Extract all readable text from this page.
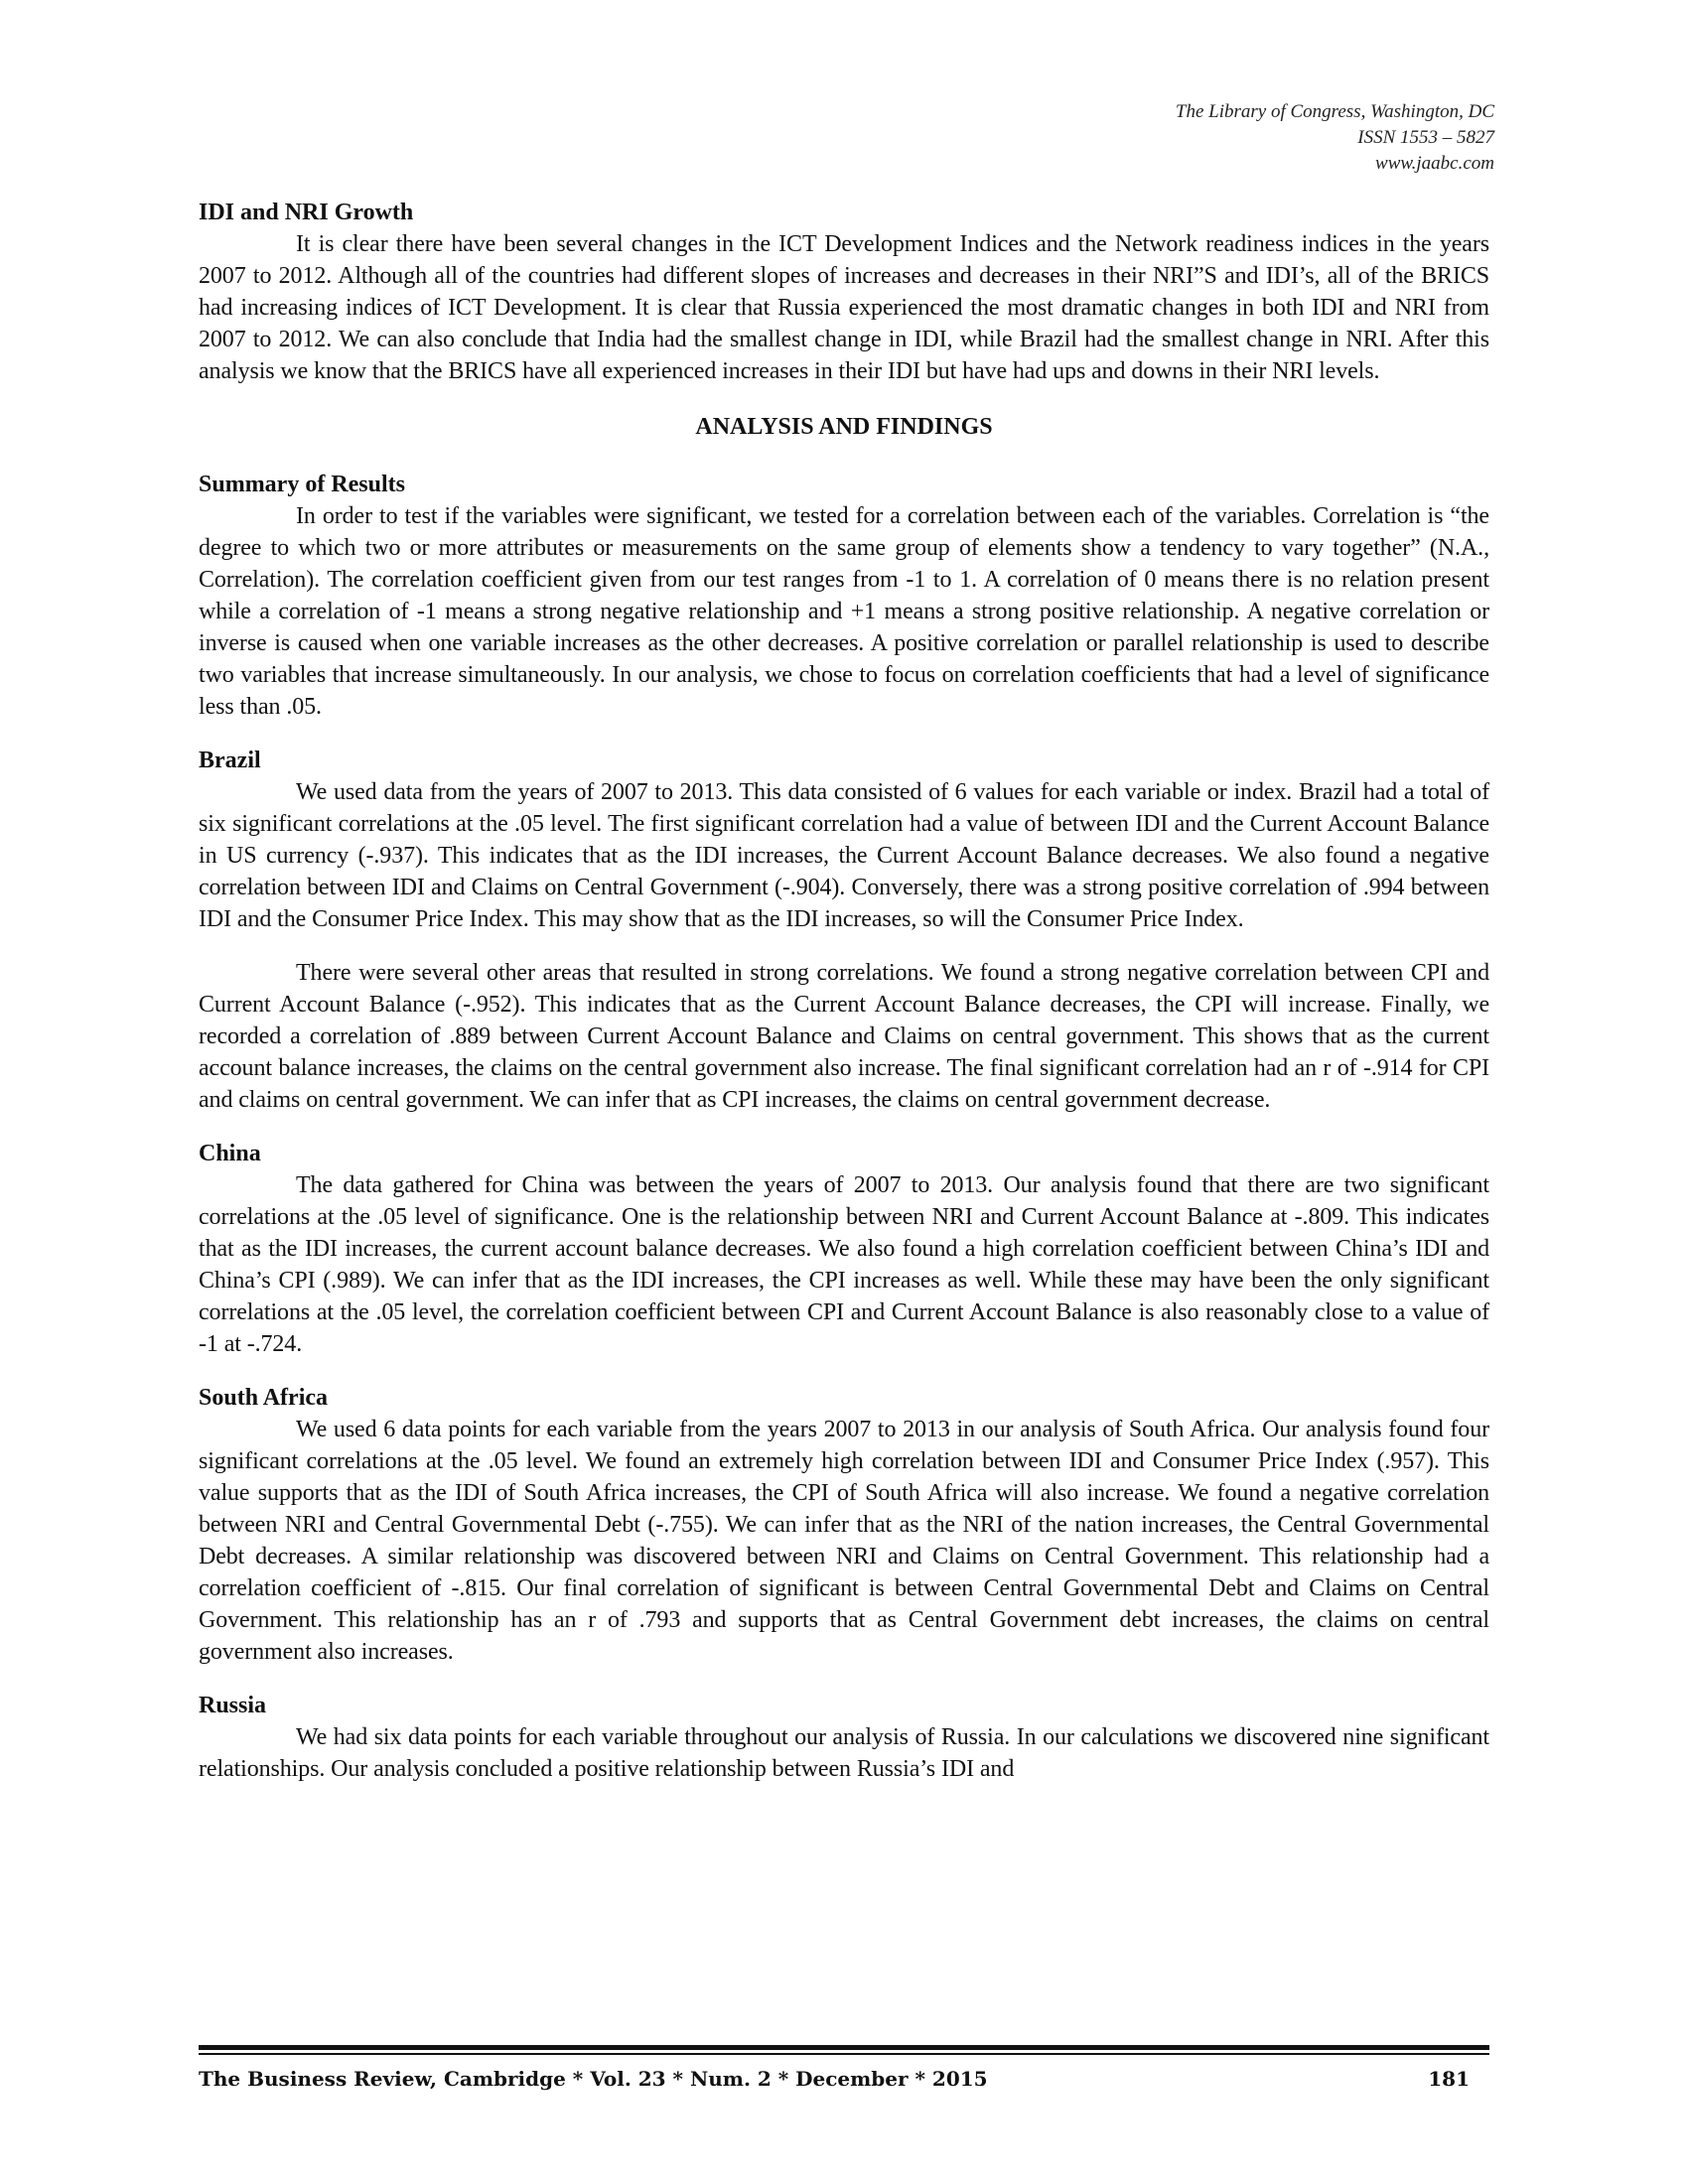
The Library of Congress, Washington, DC
ISSN 1553 – 5827
www.jaabc.com
IDI and NRI Growth

It is clear there have been several changes in the ICT Development Indices and the Network readiness indices in the years 2007 to 2012. Although all of the countries had different slopes of increases and decreases in their NRI”S and IDI’s, all of the BRICS had increasing indices of ICT Development. It is clear that Russia experienced the most dramatic changes in both IDI and NRI from 2007 to 2012. We can also conclude that India had the smallest change in IDI, while Brazil had the smallest change in NRI. After this analysis we know that the BRICS have all experienced increases in their IDI but have had ups and downs in their NRI levels.

ANALYSIS AND FINDINGS
Summary of Results

In order to test if the variables were significant, we tested for a correlation between each of the variables. Correlation is “the degree to which two or more attributes or measurements on the same group of elements show a tendency to vary together” (N.A., Correlation). The correlation coefficient given from our test ranges from -1 to 1. A correlation of 0 means there is no relation present while a correlation of -1 means a strong negative relationship and +1 means a strong positive relationship. A negative correlation or inverse is caused when one variable increases as the other decreases. A positive correlation or parallel relationship is used to describe two variables that increase simultaneously. In our analysis, we chose to focus on correlation coefficients that had a level of significance less than .05.

Brazil

We used data from the years of 2007 to 2013. This data consisted of 6 values for each variable or index. Brazil had a total of six significant correlations at the .05 level. The first significant correlation had a value of between IDI and the Current Account Balance in US currency (-.937). This indicates that as the IDI increases, the Current Account Balance decreases. We also found a negative correlation between IDI and Claims on Central Government (-.904). Conversely, there was a strong positive correlation of .994 between IDI and the Consumer Price Index. This may show that as the IDI increases, so will the Consumer Price Index.

There were several other areas that resulted in strong correlations. We found a strong negative correlation between CPI and Current Account Balance (-.952). This indicates that as the Current Account Balance decreases, the CPI will increase. Finally, we recorded a correlation of .889 between Current Account Balance and Claims on central government. This shows that as the current account balance increases, the claims on the central government also increase. The final significant correlation had an r of -.914 for CPI and claims on central government. We can infer that as CPI increases, the claims on central government decrease.

China

The data gathered for China was between the years of 2007 to 2013. Our analysis found that there are two significant correlations at the .05 level of significance. One is the relationship between NRI and Current Account Balance at -.809. This indicates that as the IDI increases, the current account balance decreases. We also found a high correlation coefficient between China’s IDI and China’s CPI (.989). We can infer that as the IDI increases, the CPI increases as well. While these may have been the only significant correlations at the .05 level, the correlation coefficient between CPI and Current Account Balance is also reasonably close to a value of -1 at -.724.

South Africa

We used 6 data points for each variable from the years 2007 to 2013 in our analysis of South Africa. Our analysis found four significant correlations at the .05 level. We found an extremely high correlation between IDI and Consumer Price Index (.957). This value supports that as the IDI of South Africa increases, the CPI of South Africa will also increase. We found a negative correlation between NRI and Central Governmental Debt (-.755). We can infer that as the NRI of the nation increases, the Central Governmental Debt decreases. A similar relationship was discovered between NRI and Claims on Central Government. This relationship had a correlation coefficient of -.815. Our final correlation of significant is between Central Governmental Debt and Claims on Central Government. This relationship has an r of .793 and supports that as Central Government debt increases, the claims on central government also increases.

Russia

We had six data points for each variable throughout our analysis of Russia. In our calculations we discovered nine significant relationships. Our analysis concluded a positive relationship between Russia’s IDI and

The Business Review, Cambridge * Vol. 23 * Num. 2 * December * 2015	181
